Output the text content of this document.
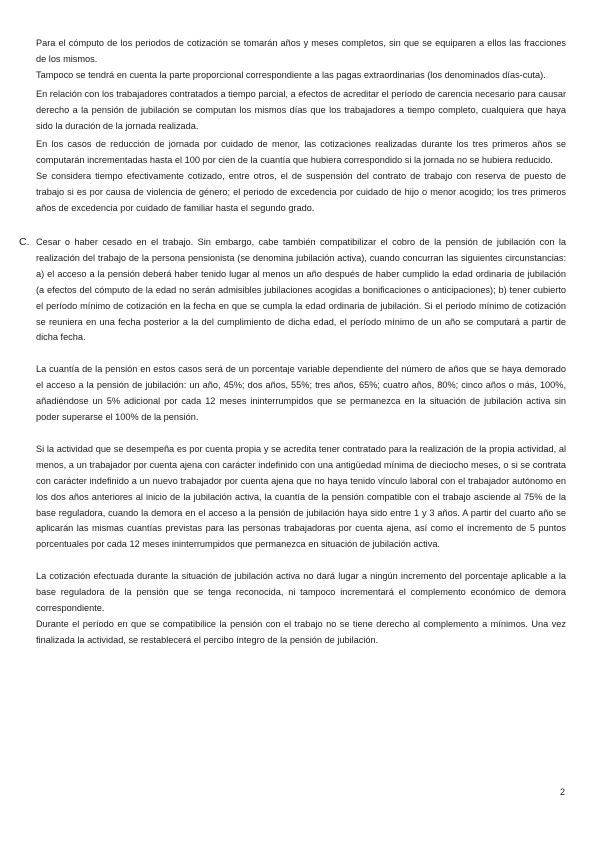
Para el cómputo de los periodos de cotización se tomarán años y meses completos, sin que se equiparen a ellos las fracciones de los mismos.

Tampoco se tendrá en cuenta la parte proporcional correspondiente a las pagas extraordinarias (los denominados días-cuta).

En relación con los trabajadores contratados a tiempo parcial, a efectos de acreditar el período de carencia necesario para causar derecho a la pensión de jubilación se computan los mismos días que los trabajadores a tiempo completo, cualquiera que haya sido la duración de la jornada realizada.

En los casos de reducción de jornada por cuidado de menor, las cotizaciones realizadas durante los tres primeros años se computarán incrementadas hasta el 100 por cien de la cuantía que hubiera correspondido si la jornada no se hubiera reducido.

Se considera tiempo efectivamente cotizado, entre otros, el de suspensión del contrato de trabajo con reserva de puesto de trabajo si es por causa de violencia de género; el periodo de excedencia por cuidado de hijo o menor acogido; los tres primeros años de excedencia por cuidado de familiar hasta el segundo grado.

C. Cesar o haber cesado en el trabajo. Sin embargo, cabe también compatibilizar el cobro de la pensión de jubilación con la realización del trabajo de la persona pensionista (se denomina jubilación activa), cuando concurran las siguientes circunstancias: a) el acceso a la pensión deberá haber tenido lugar al menos un año después de haber cumplido la edad ordinaria de jubilación (a efectos del cómputo de la edad no serán admisibles jubilaciones acogidas a bonificaciones o anticipaciones); b) tener cubierto el período mínimo de cotización en la fecha en que se cumpla la edad ordinaria de jubilación. Si el periodo mínimo de cotización se reuniera en una fecha posterior a la del cumplimiento de dicha edad, el período mínimo de un año se computará a partir de dicha fecha.

La cuantía de la pensión en estos casos será de un porcentaje variable dependiente del número de años que se haya demorado el acceso a la pensión de jubilación: un año, 45%; dos años, 55%; tres años, 65%; cuatro años, 80%; cinco años o más, 100%, añadiéndose un 5% adicional por cada 12 meses ininterrumpidos que se permanezca en la situación de jubilación activa sin poder superarse el 100% de la pensión.

Si la actividad que se desempeña es por cuenta propia y se acredita tener contratado para la realización de la propia actividad, al menos, a un trabajador por cuenta ajena con carácter indefinido con una antigüedad mínima de dieciocho meses, o si se contrata con carácter indefinido a un nuevo trabajador por cuenta ajena que no haya tenido vínculo laboral con el trabajador autónomo en los dos años anteriores al inicio de la jubilación activa, la cuantía de la pensión compatible con el trabajo asciende al 75% de la base reguladora, cuando la demora en el acceso a la pensión de jubilación haya sido entre 1 y 3 años. A partir del cuarto año se aplicarán las mismas cuantías previstas para las personas trabajadoras por cuenta ajena, así como el incremento de 5 puntos porcentuales por cada 12 meses ininterrumpidos que permanezca en situación de jubilación activa.

La cotización efectuada durante la situación de jubilación activa no dará lugar a ningún incremento del porcentaje aplicable a la base reguladora de la pensión que se tenga reconocida, ni tampoco incrementará el complemento económico de demora correspondiente.

Durante el período en que se compatibilice la pensión con el trabajo no se tiene derecho al complemento a mínimos. Una vez finalizada la actividad, se restablecerá el percibo íntegro de la pensión de jubilación.

2
